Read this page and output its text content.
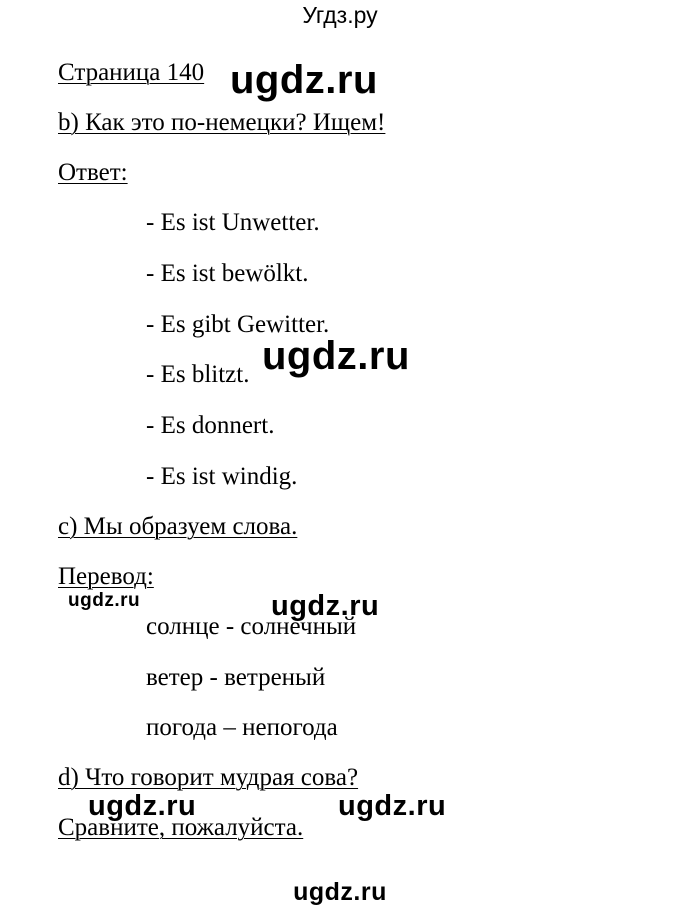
Угдз.ру
Страница 140
b) Как это по-немецки? Ищем!
Ответ:
- Es ist Unwetter.
- Es ist bewölkt.
- Es gibt Gewitter.
- Es blitzt.
- Es donnert.
- Es ist windig.
c) Мы образуем слова.
Перевод:
солнце - солнечный
ветер - ветреный
погода – непогода
d) Что говорит мудрая сова?
Сравните, пожалуйста.
ugdz.ru
ugdz.ru
ugdz.ru	ugdz.ru
ugdz.ru	ugdz.ru
ugdz.ru
